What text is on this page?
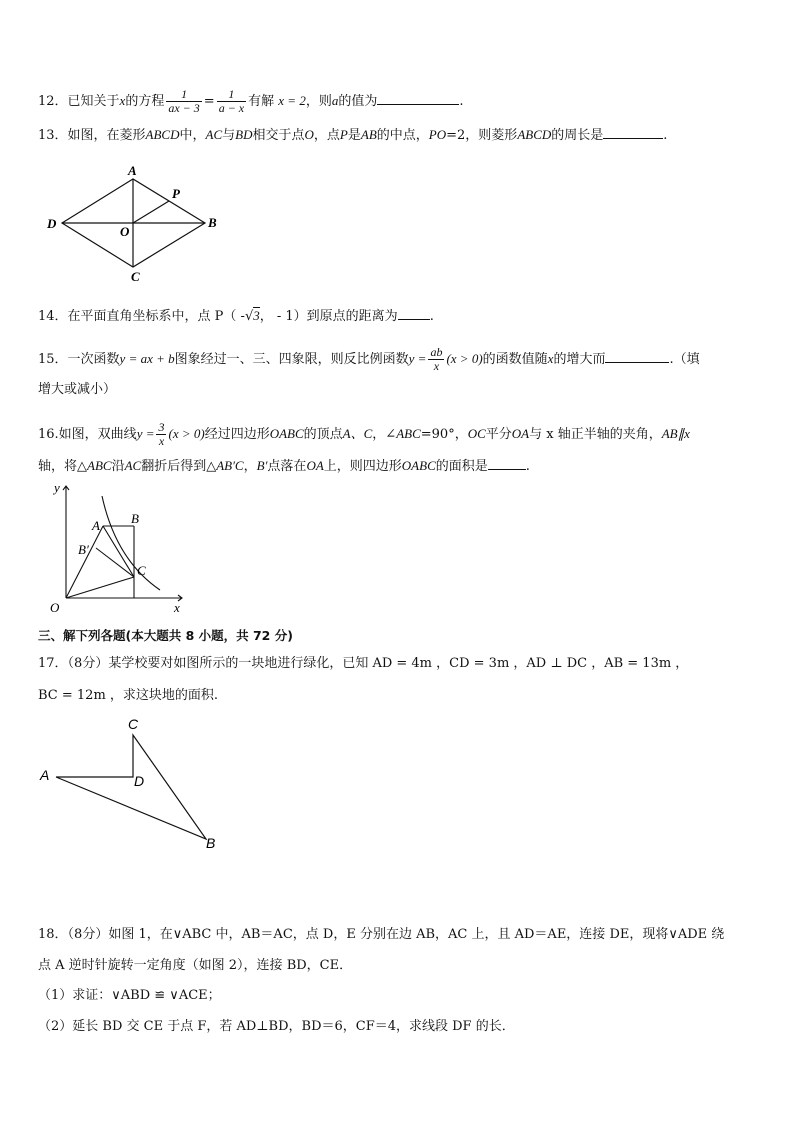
12．已知关于x的方程 $\frac{1}{ax - 3} = \frac{1}{a - x}$ 有解 x = 2，则a的值为	.
13．如图，在菱形ABCD中，AC与BD相交于点O，点P是AB的中点，PO=2，则菱形ABCD的周长是	.
A
P
D
O
B
C
14．在平面直角坐标系中，点 P（ -√3， - 1）到原点的距离为 .
15．一次函数y = ax + b图象经过一、三、四象限，则反比例函数$y = \frac{ab}{x} (x > 0)$的函数值随x的增大而	.（填
增大或减小）
16.如图，双曲线$y = \frac{3}{x} (x > 0)$经过四边形OABC的顶点A、C，∠ABC=90°，OC平分OA与 x 轴正半轴的夹角，AB∥x
轴，将△ABC沿AC翻折后得到△AB′C，B′点落在OA上，则四边形OABC的面积是	.
y
x
O
A B
B′
C
三、解下列各题(本大题共 8 小题，共 72 分)
17．（8分）某学校要对如图所示的一块地进行绿化，已知 AD = 4m ，CD = 3m ，AD ⊥ DC ，AB = 13m ，
BC = 12m ，求这块地的面积.
C
A	D
B
18．（8分）如图 1，在∨ABC 中，AB＝AC，点 D，E 分别在边 AB，AC 上，且 AD＝AE，连接 DE，现将∨ADE 绕
点 A 逆时针旋转一定角度（如图 2），连接 BD，CE．
（1）求证：∨ABD ≌ ∨ACE；
（2）延长 BD 交 CE 于点 F，若 AD⊥BD，BD＝6，CF＝4，求线段 DF 的长．
